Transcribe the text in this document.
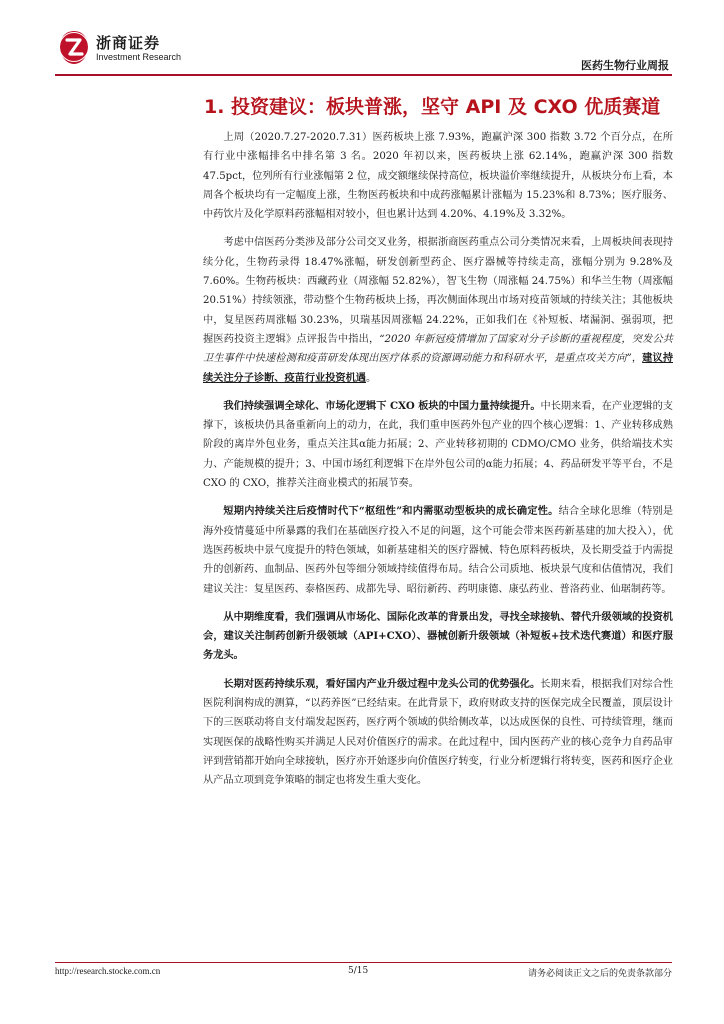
浙商证券
Investment Research
医药生物行业周报
1. 投资建议：板块普涨，坚守 API 及 CXO 优质赛道

上周（2020.7.27-2020.7.31）医药板块上涨 7.93%，跑赢沪深 300 指数 3.72 个百分点，在所有行业中涨幅排名中排名第 3 名。2020 年初以来，医药板块上涨 62.14%，跑赢沪深 300 指数 47.5pct，位列所有行业涨幅第 2 位，成交额继续保持高位，板块溢价率继续提升，从板块分布上看，本周各个板块均有一定幅度上涨，生物医药板块和中成药涨幅累计涨幅为 15.23%和 8.73%；医疗服务、中药饮片及化学原料药涨幅相对较小，但也累计达到 4.20%、4.19%及 3.32%。

考虑中信医药分类涉及部分公司交叉业务，根据浙商医药重点公司分类情况来看，上周板块间表现持续分化，生物药录得 18.47%涨幅，研发创新型药企、医疗器械等持续走高，涨幅分别为 9.28%及 7.60%。生物药板块：西藏药业（周涨幅 52.82%），智飞生物（周涨幅 24.75%）和华兰生物（周涨幅 20.51%）持续领涨，带动整个生物药板块上扬，再次侧面体现出市场对疫苗领域的持续关注；其他板块中，复星医药周涨幅 30.23%，贝瑞基因周涨幅 24.22%，正如我们在《补短板、堵漏洞、强弱项，把握医药投资主逻辑》点评报告中指出，“2020 年新冠疫情增加了国家对分子诊断的重视程度，突发公共卫生事件中快速检测和疫苗研发体现出医疗体系的资源调动能力和科研水平，是重点攻关方向”，建议持续关注分子诊断、疫苗行业投资机遇。

我们持续强调全球化、市场化逻辑下 CXO 板块的中国力量持续提升。中长期来看，在产业逻辑的支撑下，该板块仍具备重新向上的动力，在此，我们重申医药外包产业的四个核心逻辑：1、产业转移成熟阶段的离岸外包业务，重点关注其α能力拓展；2、产业转移初期的 CDMO/CMO 业务，供给端技术实力、产能规模的提升；3、中国市场红利逻辑下在岸外包公司的α能力拓展；4、药品研发平等平台，不是 CXO 的 CXO，推荐关注商业模式的拓展节奏。

短期内持续关注后疫情时代下“枢纽性”和内需驱动型板块的成长确定性。结合全球化思维（特别是海外疫情蔓延中所暴露的我们在基础医疗投入不足的问题，这个可能会带来医药新基建的加大投入），优选医药板块中景气度提升的特色领域，如新基建相关的医疗器械、特色原料药板块，及长期受益于内需提升的创新药、血制品、医药外包等细分领域持续值得布局。结合公司质地、板块景气度和估值情况，我们建议关注：复星医药、泰格医药、成都先导、昭衍新药、药明康德、康弘药业、普洛药业、仙琚制药等。

从中期维度看，我们强调从市场化、国际化改革的背景出发，寻找全球接轨、替代升级领域的投资机会，建议关注制药创新升级领域（API+CXO）、器械创新升级领域（补短板+技术迭代赛道）和医疗服务龙头。

长期对医药持续乐观，看好国内产业升级过程中龙头公司的优势强化。长期来看，根据我们对综合性医院利润构成的测算，“以药养医”已经结束。在此背景下，政府财政支持的医保完成全民覆盖，顶层设计下的三医联动将自支付端发起医药，医疗两个领域的供给侧改革，以达成医保的良性、可持续管理，继而实现医保的战略性购买并满足人民对价值医疗的需求。在此过程中，国内医药产业的核心竞争力自药品审评到营销都开始向全球接轨，医疗亦开始逐步向价值医疗转变，行业分析逻辑行将转变，医药和医疗企业从产品立项到竞争策略的制定也将发生重大变化。

http://research.stocke.com.cn	5/15	请务必阅读正文之后的免责条款部分
